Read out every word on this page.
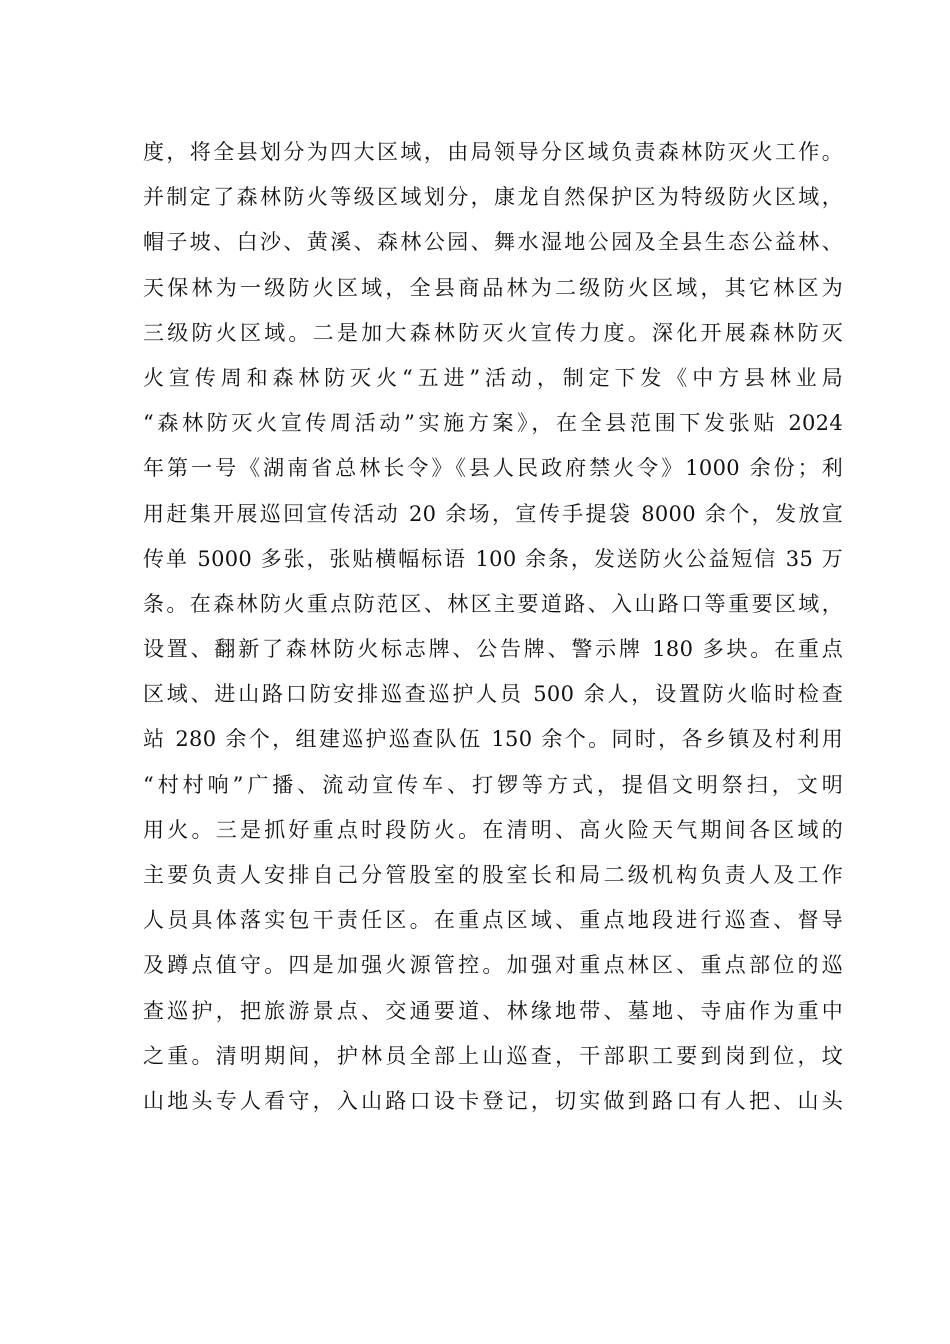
度，将全县划分为四大区域，由局领导分区域负责森林防灭火工作。
并制定了森林防火等级区域划分，康龙自然保护区为特级防火区域，
帽子坡、白沙、黄溪、森林公园、舞水湿地公园及全县生态公益林、
天保林为一级防火区域，全县商品林为二级防火区域，其它林区为
三级防火区域。二是加大森林防灭火宣传力度。深化开展森林防灭
火宣传周和森林防灭火“五进”活动，制定下发《中方县林业局
“森林防灭火宣传周活动”实施方案》，在全县范围下发张贴 2024
年第一号《湖南省总林长令》《县人民政府禁火令》1000 余份；利
用赶集开展巡回宣传活动 20 余场，宣传手提袋 8000 余个，发放宣
传单 5000 多张，张贴横幅标语 100 余条，发送防火公益短信 35 万
条。在森林防火重点防范区、林区主要道路、入山路口等重要区域，
设置、翻新了森林防火标志牌、公告牌、警示牌 180 多块。在重点
区域、进山路口防安排巡查巡护人员 500 余人，设置防火临时检查
站 280 余个，组建巡护巡查队伍 150 余个。同时，各乡镇及村利用
“村村响”广播、流动宣传车、打锣等方式，提倡文明祭扫，文明
用火。三是抓好重点时段防火。在清明、高火险天气期间各区域的
主要负责人安排自己分管股室的股室长和局二级机构负责人及工作
人员具体落实包干责任区。在重点区域、重点地段进行巡查、督导
及蹲点值守。四是加强火源管控。加强对重点林区、重点部位的巡
查巡护，把旅游景点、交通要道、林缘地带、墓地、寺庙作为重中
之重。清明期间，护林员全部上山巡查，干部职工要到岗到位，坟
山地头专人看守，入山路口设卡登记，切实做到路口有人把、山头
